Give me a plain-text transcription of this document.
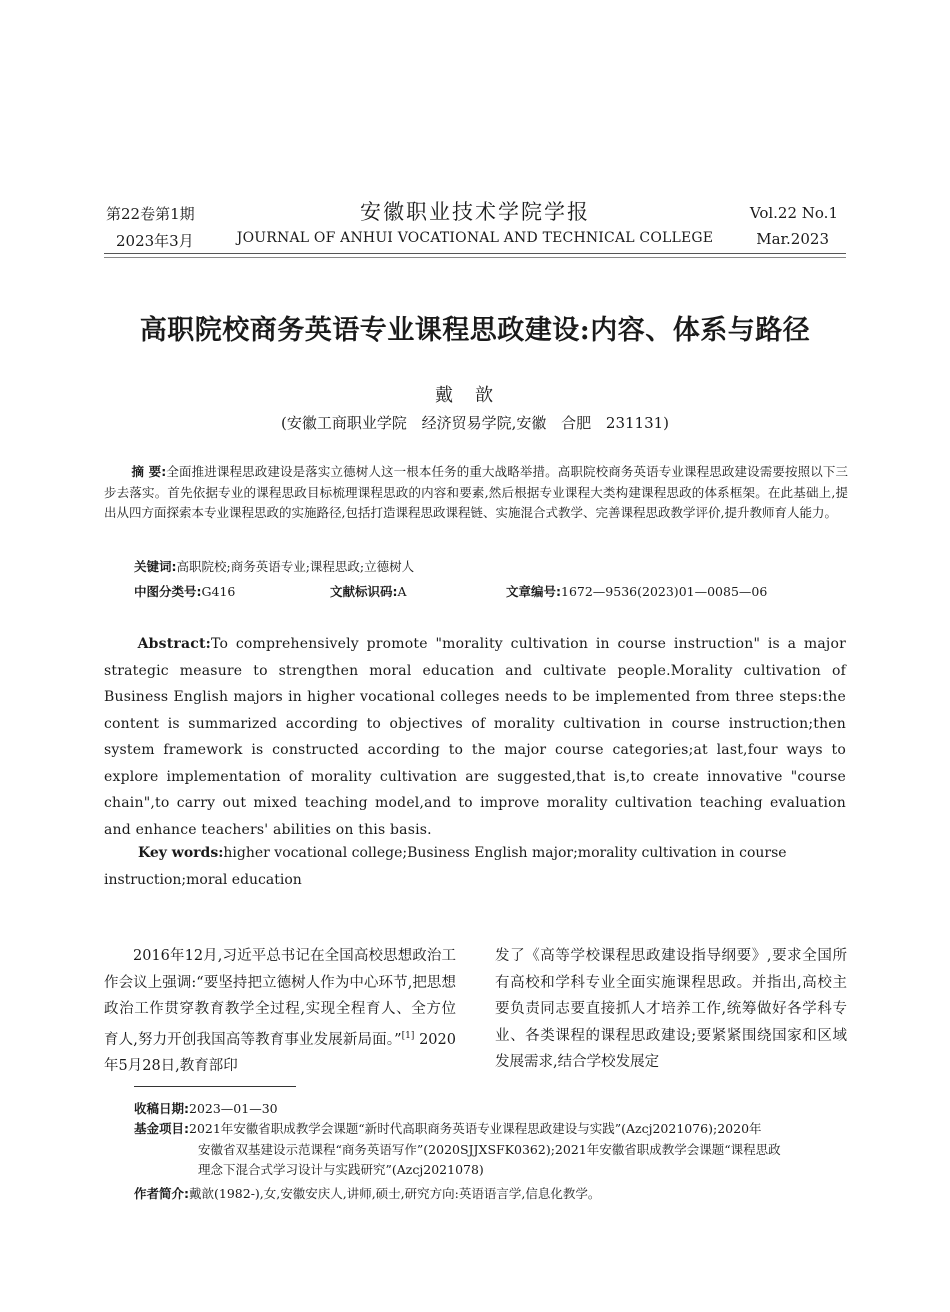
第22卷第1期
2023年3月
安徽职业技术学院学报
JOURNAL OF ANHUI VOCATIONAL AND TECHNICAL COLLEGE
Vol.22 No.1
Mar.2023
高职院校商务英语专业课程思政建设:内容、体系与路径
戴歆
(安徽工商职业学院 经济贸易学院,安徽 合肥 231131)

摘 要:全面推进课程思政建设是落实立德树人这一根本任务的重大战略举措。高职院校商务英语专业课程思政建设需要按照以下三步去落实。首先依据专业的课程思政目标梳理课程思政的内容和要素,然后根据专业课程大类构建课程思政的体系框架。在此基础上,提出从四方面探索本专业课程思政的实施路径,包括打造课程思政课程链、实施混合式教学、完善课程思政教学评价,提升教师育人能力。

关键词:高职院校;商务英语专业;课程思政;立德树人
中图分类号:G416	文献标识码:A	文章编号:1672—9536(2023)01—0085—06

Abstract:To comprehensively promote "morality cultivation in course instruction" is a major strategic measure to strengthen moral education and cultivate people.Morality cultivation of Business English majors in higher vocational colleges needs to be implemented from three steps:the content is summarized according to objectives of morality cultivation in course instruction;then system framework is constructed according to the major course categories;at last,four ways to explore implementation of morality cultivation are suggested,that is,to create innovative "course chain",to carry out mixed teaching model,and to improve morality cultivation teaching evaluation and enhance teachers' abilities on this basis.

Key words:higher vocational college;Business English major;morality cultivation in course instruction;moral education

2016年12月,习近平总书记在全国高校思想政治工作会议上强调:“要坚持把立德树人作为中心环节,把思想政治工作贯穿教育教学全过程,实现全程育人、全方位育人,努力开创我国高等教育事业发展新局面。”[1] 2020年5月28日,教育部印

发了《高等学校课程思政建设指导纲要》,要求全国所有高校和学科专业全面实施课程思政。并指出,高校主要负责同志要直接抓人才培养工作,统筹做好各学科专业、各类课程的课程思政建设;要紧紧围绕国家和区域发展需求,结合学校发展定

收稿日期:2023—01—30
基金项目:2021年安徽省职成教学会课题“新时代高职商务英语专业课程思政建设与实践”(Azcj2021076);2020年
安徽省双基建设示范课程“商务英语写作”(2020SJJXSFK0362);2021年安徽省职成教学会课题“课程思政
理念下混合式学习设计与实践研究”(Azcj2021078)
作者简介:戴歆(1982-),女,安徽安庆人,讲师,硕士,研究方向:英语语言学,信息化教学。
